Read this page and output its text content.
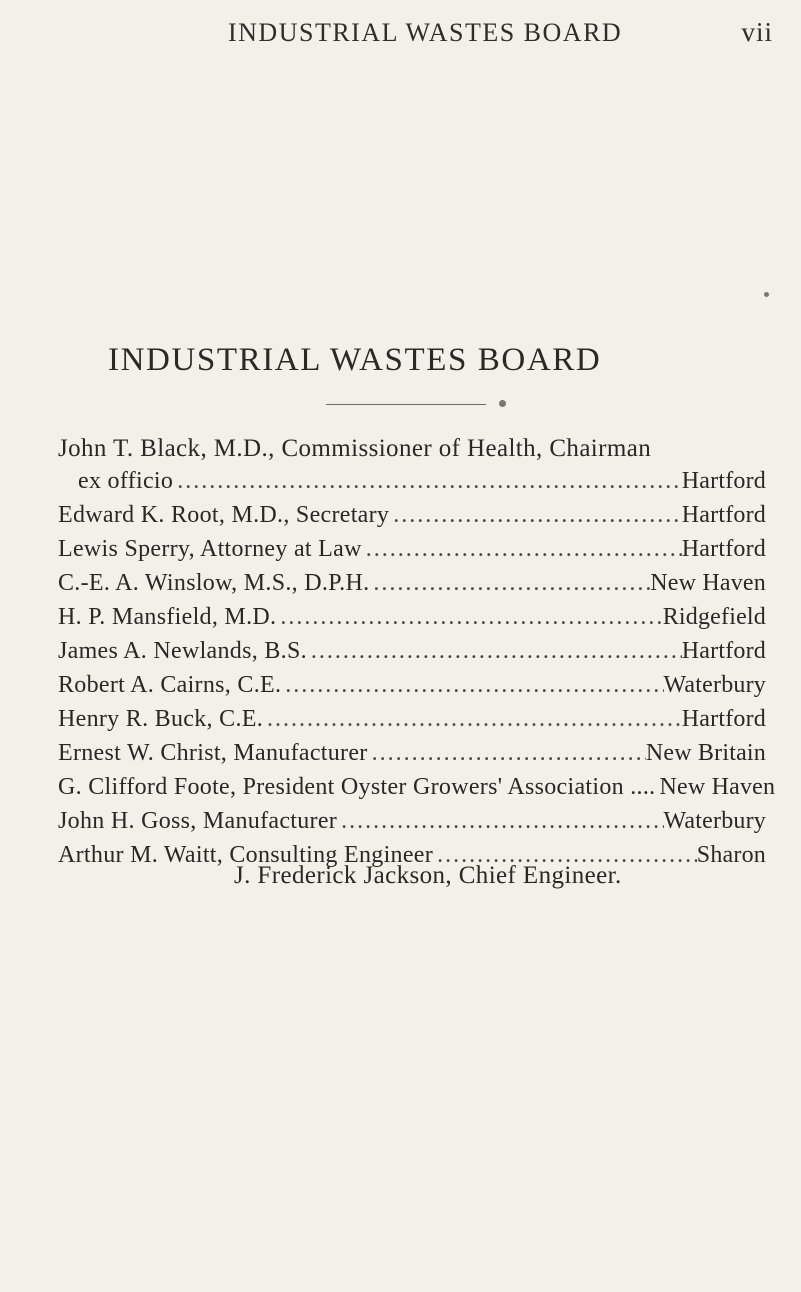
INDUSTRIAL WASTES BOARD	vii
INDUSTRIAL WASTES BOARD
John T. Black, M.D., Commissioner of Health, Chairman
ex officio .....	Hartford
Edward K. Root, M.D., Secretary .....	Hartford
Lewis Sperry, Attorney at Law .....	Hartford
C.-E. A. Winslow, M.S., D.P.H. .....	New Haven
H. P. Mansfield, M.D. .....	Ridgefield
James A. Newlands, B.S. .....	Hartford
Robert A. Cairns, C.E. .....	Waterbury
Henry R. Buck, C.E. .....	Hartford
Ernest W. Christ, Manufacturer .....	New Britain
G. Clifford Foote, President Oyster Growers' Association .... New Haven
John H. Goss, Manufacturer .....	Waterbury
Arthur M. Waitt, Consulting Engineer .....	Sharon
J. Frederick Jackson, Chief Engineer.
